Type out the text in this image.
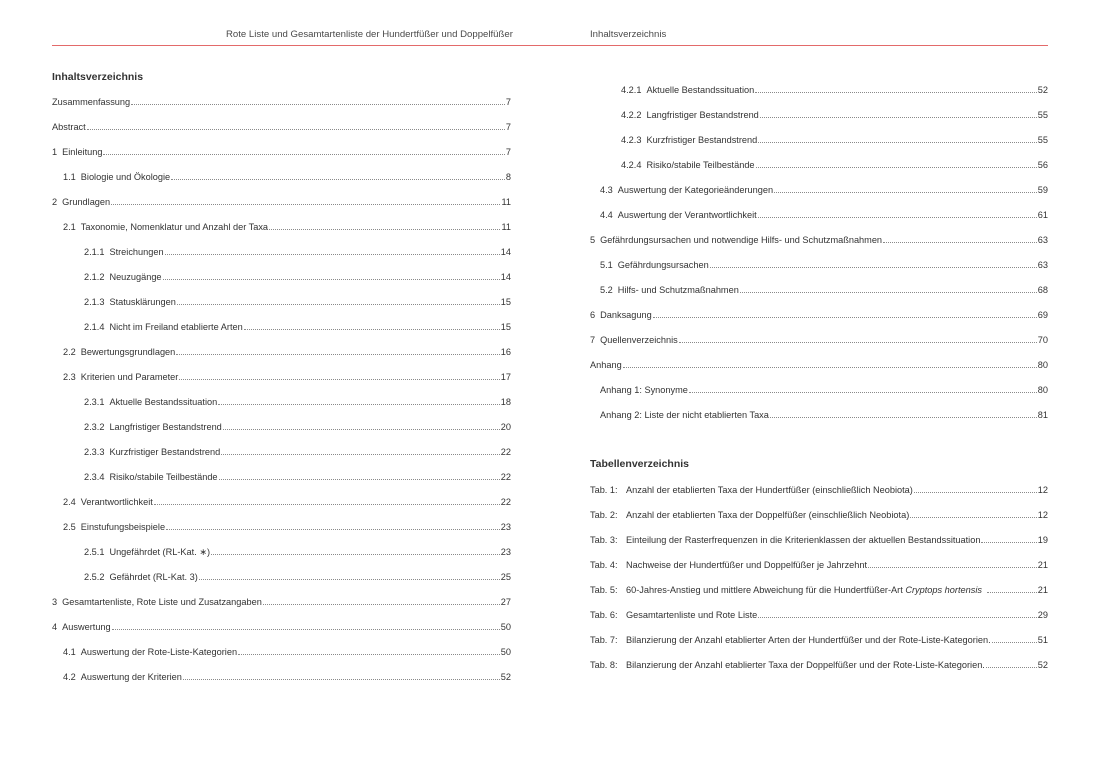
Rote Liste und Gesamtartenliste der Hundertfüßer und Doppelfüßer	Inhaltsverzeichnis
Inhaltsverzeichnis
Zusammenfassung	7
Abstract	7
1 Einleitung	7
1.1 Biologie und Ökologie	8
2 Grundlagen	11
2.1 Taxonomie, Nomenklatur und Anzahl der Taxa	11
2.1.1 Streichungen	14
2.1.2 Neuzugänge	14
2.1.3 Statusklärungen	15
2.1.4 Nicht im Freiland etablierte Arten	15
2.2 Bewertungsgrundlagen	16
2.3 Kriterien und Parameter	17
2.3.1 Aktuelle Bestandssituation	18
2.3.2 Langfristiger Bestandstrend	20
2.3.3 Kurzfristiger Bestandstrend	22
2.3.4 Risiko/stabile Teilbestände	22
2.4 Verantwortlichkeit	22
2.5 Einstufungsbeispiele	23
2.5.1 Ungefährdet (RL-Kat. ∗)	23
2.5.2 Gefährdet (RL-Kat. 3)	25
3 Gesamtartenliste, Rote Liste und Zusatzangaben	27
4 Auswertung	50
4.1 Auswertung der Rote-Liste-Kategorien	50
4.2 Auswertung der Kriterien	52
4.2.1 Aktuelle Bestandssituation	52
4.2.2 Langfristiger Bestandstrend	55
4.2.3 Kurzfristiger Bestandstrend	55
4.2.4 Risiko/stabile Teilbestände	56
4.3 Auswertung der Kategorieänderungen	59
4.4 Auswertung der Verantwortlichkeit	61
5 Gefährdungsursachen und notwendige Hilfs- und Schutzmaßnahmen	63
5.1 Gefährdungsursachen	63
5.2 Hilfs- und Schutzmaßnahmen	68
6 Danksagung	69
7 Quellenverzeichnis	70
Anhang	80
Anhang 1: Synonyme	80
Anhang 2: Liste der nicht etablierten Taxa	81
Tabellenverzeichnis
Tab. 1: Anzahl der etablierten Taxa der Hundertfüßer (einschließlich Neobiota)	12
Tab. 2: Anzahl der etablierten Taxa der Doppelfüßer (einschließlich Neobiota)	12
Tab. 3: Einteilung der Rasterfrequenzen in die Kriterienklassen der aktuellen Bestandssituation	19
Tab. 4: Nachweise der Hundertfüßer und Doppelfüßer je Jahrzehnt	21
Tab. 5: 60-Jahres-Anstieg und mittlere Abweichung für die Hundertfüßer-Art
Cryptops hortensis	21
Tab. 6: Gesamtartenliste und Rote Liste	29
Tab. 7: Bilanzierung der Anzahl etablierter Arten der Hundertfüßer und der Rote-Liste-Kategorien.	51
Tab. 8: Bilanzierung der Anzahl etablierter Taxa der Doppelfüßer und der Rote-Liste-Kategorien.	52
